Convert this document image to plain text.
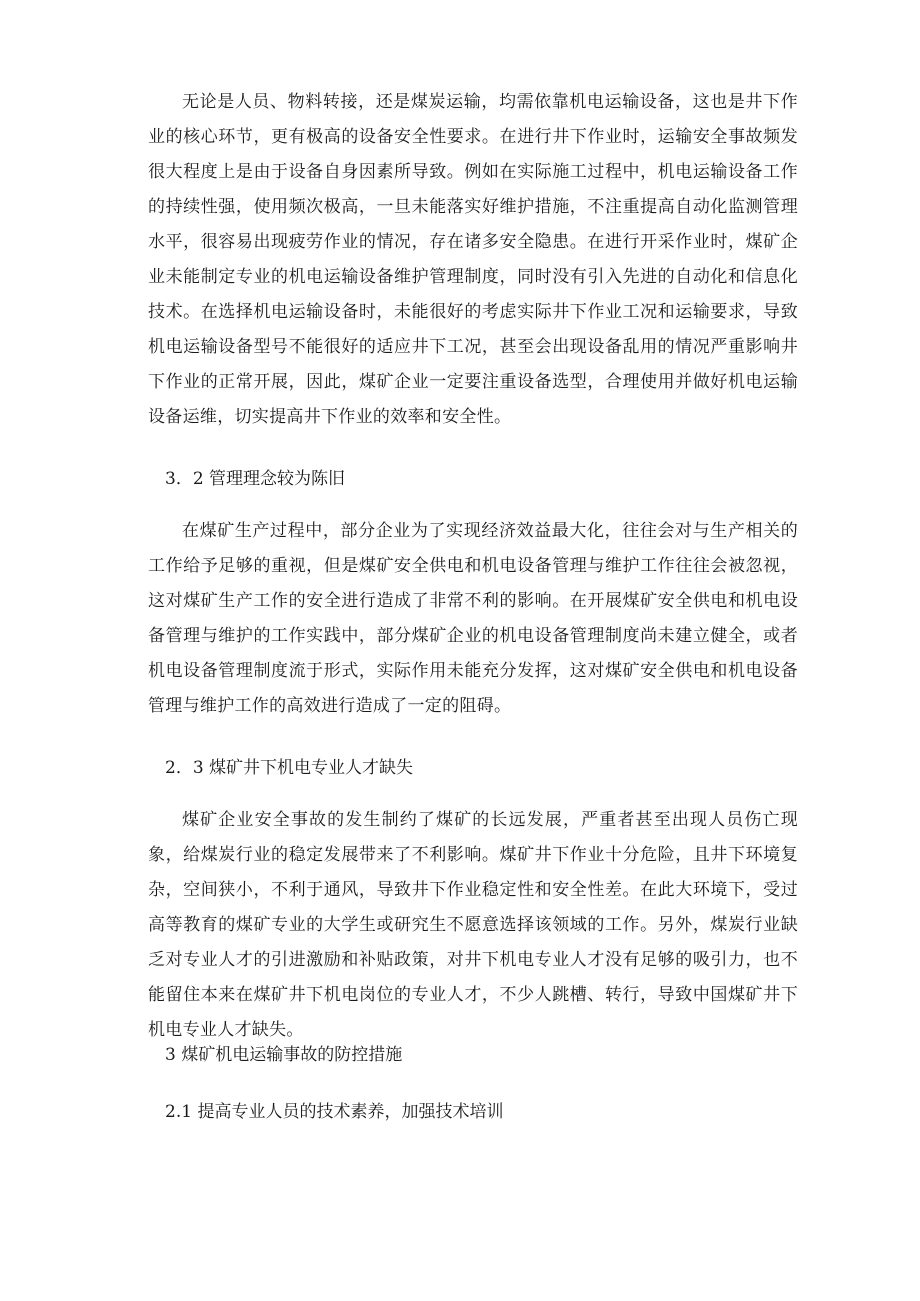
无论是人员、物料转接，还是煤炭运输，均需依靠机电运输设备，这也是井下作业的核心环节，更有极高的设备安全性要求。在进行井下作业时，运输安全事故频发很大程度上是由于设备自身因素所导致。例如在实际施工过程中，机电运输设备工作的持续性强，使用频次极高，一旦未能落实好维护措施，不注重提高自动化监测管理水平，很容易出现疲劳作业的情况，存在诸多安全隐患。在进行开采作业时，煤矿企业未能制定专业的机电运输设备维护管理制度，同时没有引入先进的自动化和信息化技术。在选择机电运输设备时，未能很好的考虑实际井下作业工况和运输要求，导致机电运输设备型号不能很好的适应井下工况，甚至会出现设备乱用的情况严重影响井下作业的正常开展，因此，煤矿企业一定要注重设备选型，合理使用并做好机电运输设备运维，切实提高井下作业的效率和安全性。

3．2 管理理念较为陈旧

在煤矿生产过程中，部分企业为了实现经济效益最大化，往往会对与生产相关的工作给予足够的重视，但是煤矿安全供电和机电设备管理与维护工作往往会被忽视，这对煤矿生产工作的安全进行造成了非常不利的影响。在开展煤矿安全供电和机电设备管理与维护的工作实践中，部分煤矿企业的机电设备管理制度尚未建立健全，或者机电设备管理制度流于形式，实际作用未能充分发挥，这对煤矿安全供电和机电设备管理与维护工作的高效进行造成了一定的阻碍。

2．3 煤矿井下机电专业人才缺失

煤矿企业安全事故的发生制约了煤矿的长远发展，严重者甚至出现人员伤亡现象，给煤炭行业的稳定发展带来了不利影响。煤矿井下作业十分危险，且井下环境复杂，空间狭小，不利于通风，导致井下作业稳定性和安全性差。在此大环境下，受过高等教育的煤矿专业的大学生或研究生不愿意选择该领域的工作。另外，煤炭行业缺乏对专业人才的引进激励和补贴政策，对井下机电专业人才没有足够的吸引力，也不能留住本来在煤矿井下机电岗位的专业人才，不少人跳槽、转行，导致中国煤矿井下机电专业人才缺失。

3 煤矿机电运输事故的防控措施

2.1 提高专业人员的技术素养，加强技术培训
